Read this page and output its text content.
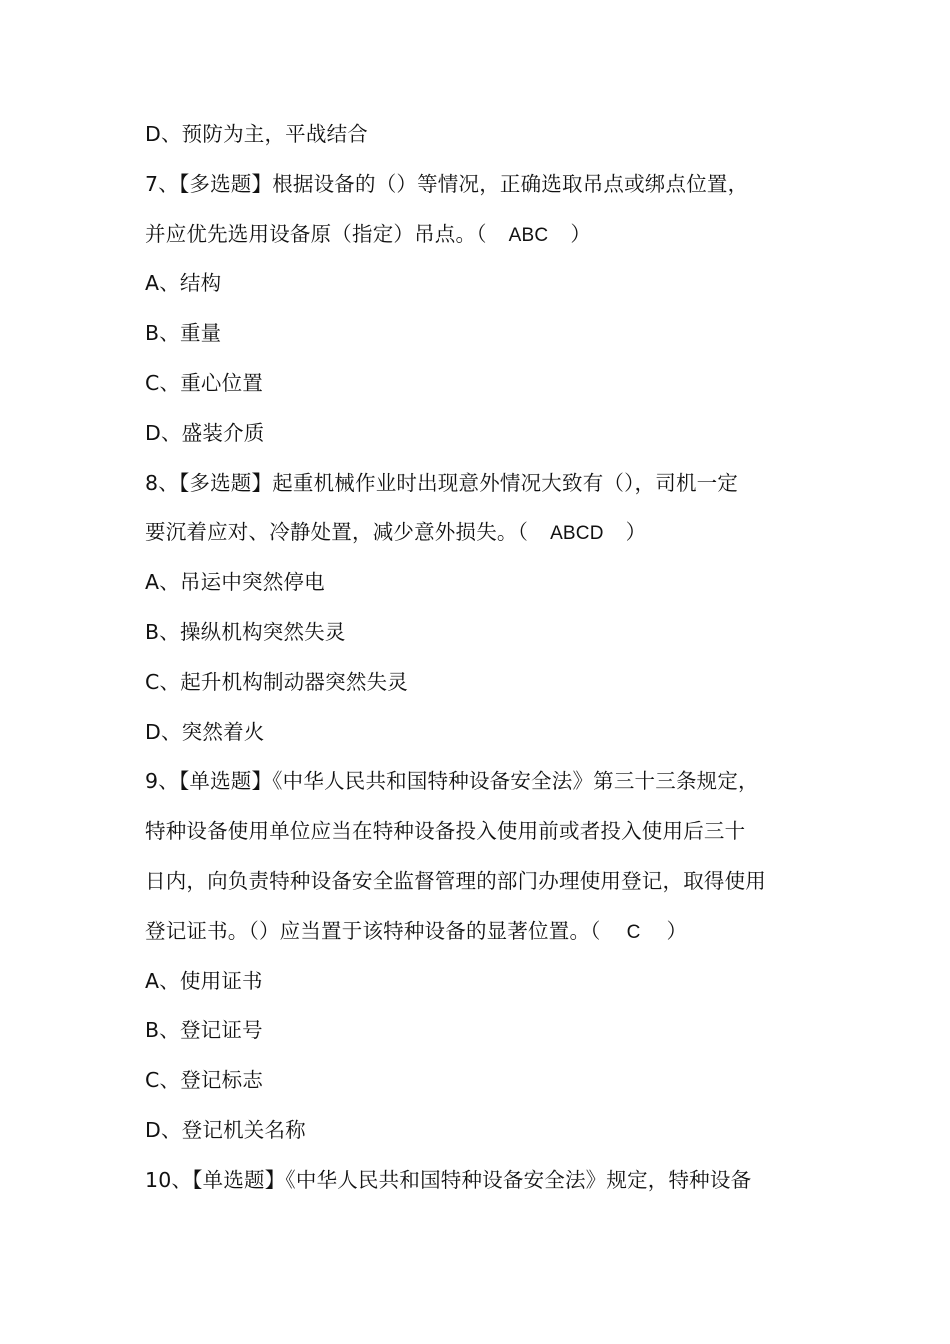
D、预防为主，平战结合
7、【多选题】根据设备的（）等情况，正确选取吊点或绑点位置，
并应优先选用设备原（指定）吊点。（ ABC ）
A、结构
B、重量
C、重心位置
D、盛装介质
8、【多选题】起重机械作业时出现意外情况大致有（），司机一定
要沉着应对、冷静处置，减少意外损失。（ ABCD ）
A、吊运中突然停电
B、操纵机构突然失灵
C、起升机构制动器突然失灵
D、突然着火
9、【单选题】《中华人民共和国特种设备安全法》第三十三条规定，
特种设备使用单位应当在特种设备投入使用前或者投入使用后三十
日内，向负责特种设备安全监督管理的部门办理使用登记，取得使用
登记证书。（）应当置于该特种设备的显著位置。（ C ）
A、使用证书
B、登记证号
C、登记标志
D、登记机关名称
10、【单选题】《中华人民共和国特种设备安全法》规定，特种设备
